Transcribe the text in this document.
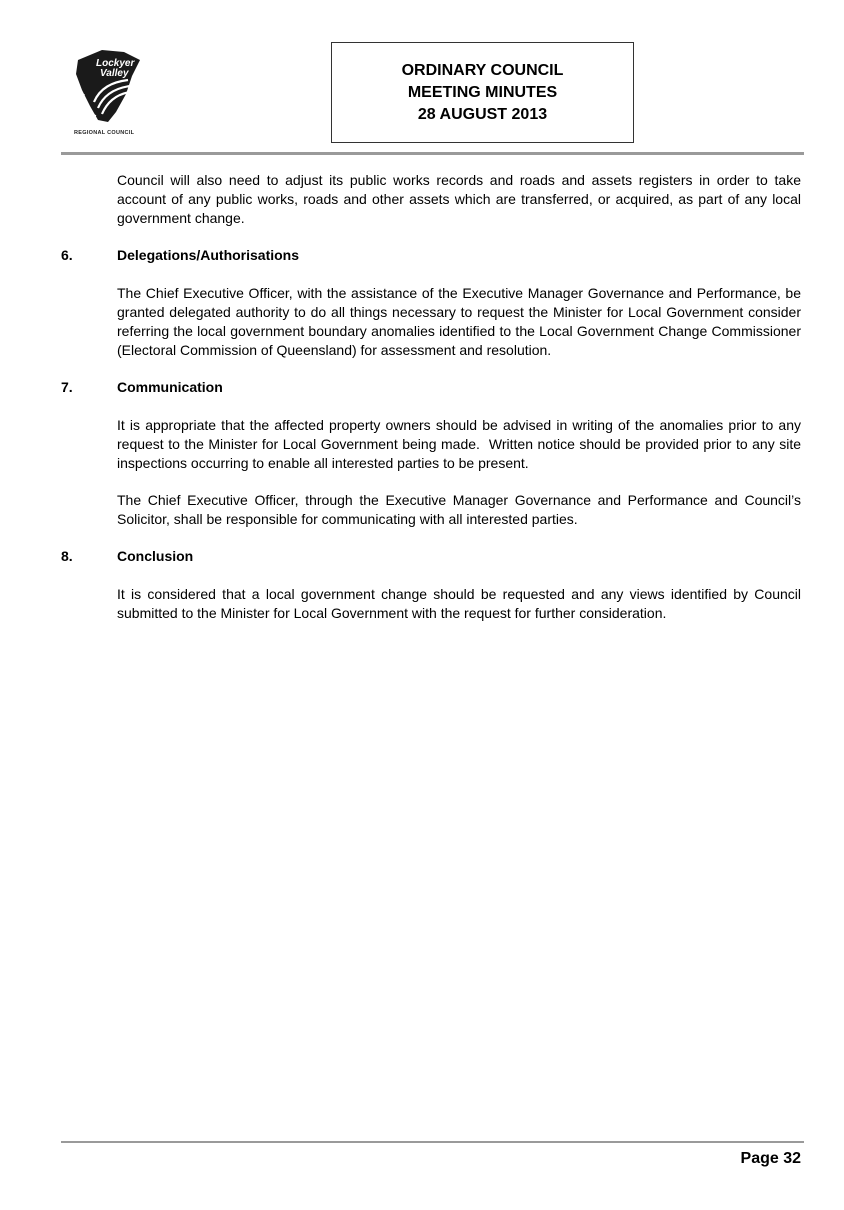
Lockyer
Valley
REGIONAL COUNCIL
ORDINARY COUNCIL
MEETING MINUTES
28 AUGUST 2013

Council will also need to adjust its public works records and roads and assets registers in order to take account of any public works, roads and other assets which are transferred, or acquired, as part of any local government change.

6.	Delegations/Authorisations

The Chief Executive Officer, with the assistance of the Executive Manager Governance and Performance, be granted delegated authority to do all things necessary to request the Minister for Local Government consider referring the local government boundary anomalies identified to the Local Government Change Commissioner (Electoral Commission of Queensland) for assessment and resolution.

7.	Communication

It is appropriate that the affected property owners should be advised in writing of the anomalies prior to any request to the Minister for Local Government being made.  Written notice should be provided prior to any site inspections occurring to enable all interested parties to be present.

The Chief Executive Officer, through the Executive Manager Governance and Performance and Council’s Solicitor, shall be responsible for communicating with all interested parties.

8.	Conclusion

It is considered that a local government change should be requested and any views identified by Council submitted to the Minister for Local Government with the request for further consideration.

Page 32
